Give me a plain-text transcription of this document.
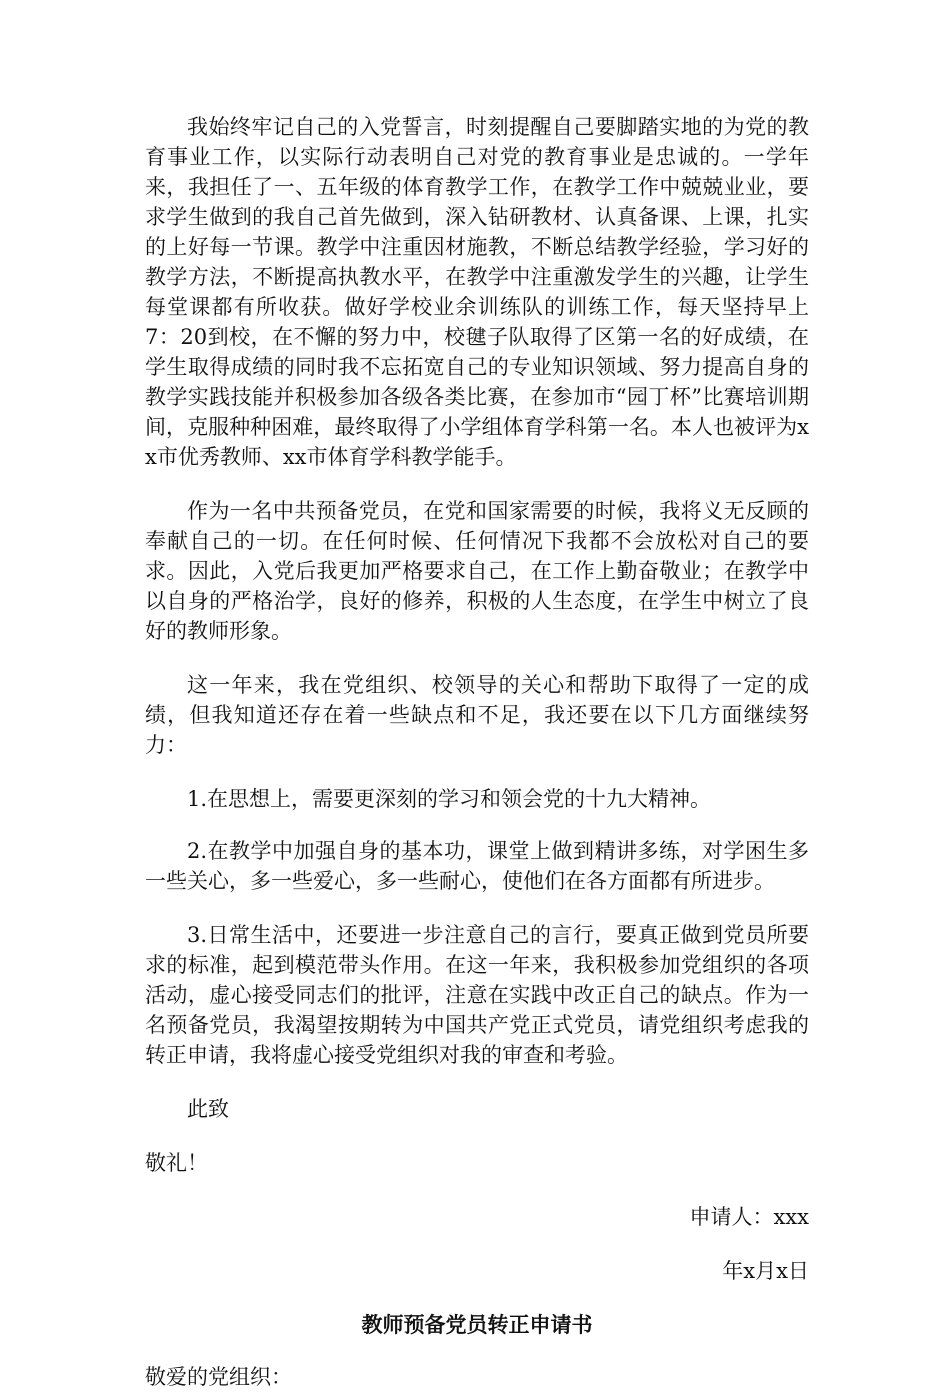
我始终牢记自己的入党誓言，时刻提醒自己要脚踏实地的为党的教育事业工作，以实际行动表明自己对党的教育事业是忠诚的。一学年来，我担任了一、五年级的体育教学工作，在教学工作中兢兢业业，要求学生做到的我自己首先做到，深入钻研教材、认真备课、上课，扎实的上好每一节课。教学中注重因材施教，不断总结教学经验，学习好的教学方法，不断提高执教水平，在教学中注重激发学生的兴趣，让学生每堂课都有所收获。做好学校业余训练队的训练工作，每天坚持早上7：20到校，在不懈的努力中，校毽子队取得了区第一名的好成绩，在学生取得成绩的同时我不忘拓宽自己的专业知识领域、努力提高自身的教学实践技能并积极参加各级各类比赛，在参加市“园丁杯”比赛培训期间，克服种种困难，最终取得了小学组体育学科第一名。本人也被评为xx市优秀教师、xx市体育学科教学能手。

作为一名中共预备党员，在党和国家需要的时候，我将义无反顾的奉献自己的一切。在任何时候、任何情况下我都不会放松对自己的要求。因此，入党后我更加严格要求自己，在工作上勤奋敬业；在教学中以自身的严格治学，良好的修养，积极的人生态度，在学生中树立了良好的教师形象。

这一年来，我在党组织、校领导的关心和帮助下取得了一定的成绩，但我知道还存在着一些缺点和不足，我还要在以下几方面继续努力：

1.在思想上，需要更深刻的学习和领会党的十九大精神。

2.在教学中加强自身的基本功，课堂上做到精讲多练，对学困生多一些关心，多一些爱心，多一些耐心，使他们在各方面都有所进步。

3.日常生活中，还要进一步注意自己的言行，要真正做到党员所要求的标准，起到模范带头作用。在这一年来，我积极参加党组织的各项活动，虚心接受同志们的批评，注意在实践中改正自己的缺点。作为一名预备党员，我渴望按期转为中国共产党正式党员，请党组织考虑我的转正申请，我将虚心接受党组织对我的审查和考验。

此致

敬礼！

申请人：xxx

年x月x日

教师预备党员转正申请书

敬爱的党组织：
